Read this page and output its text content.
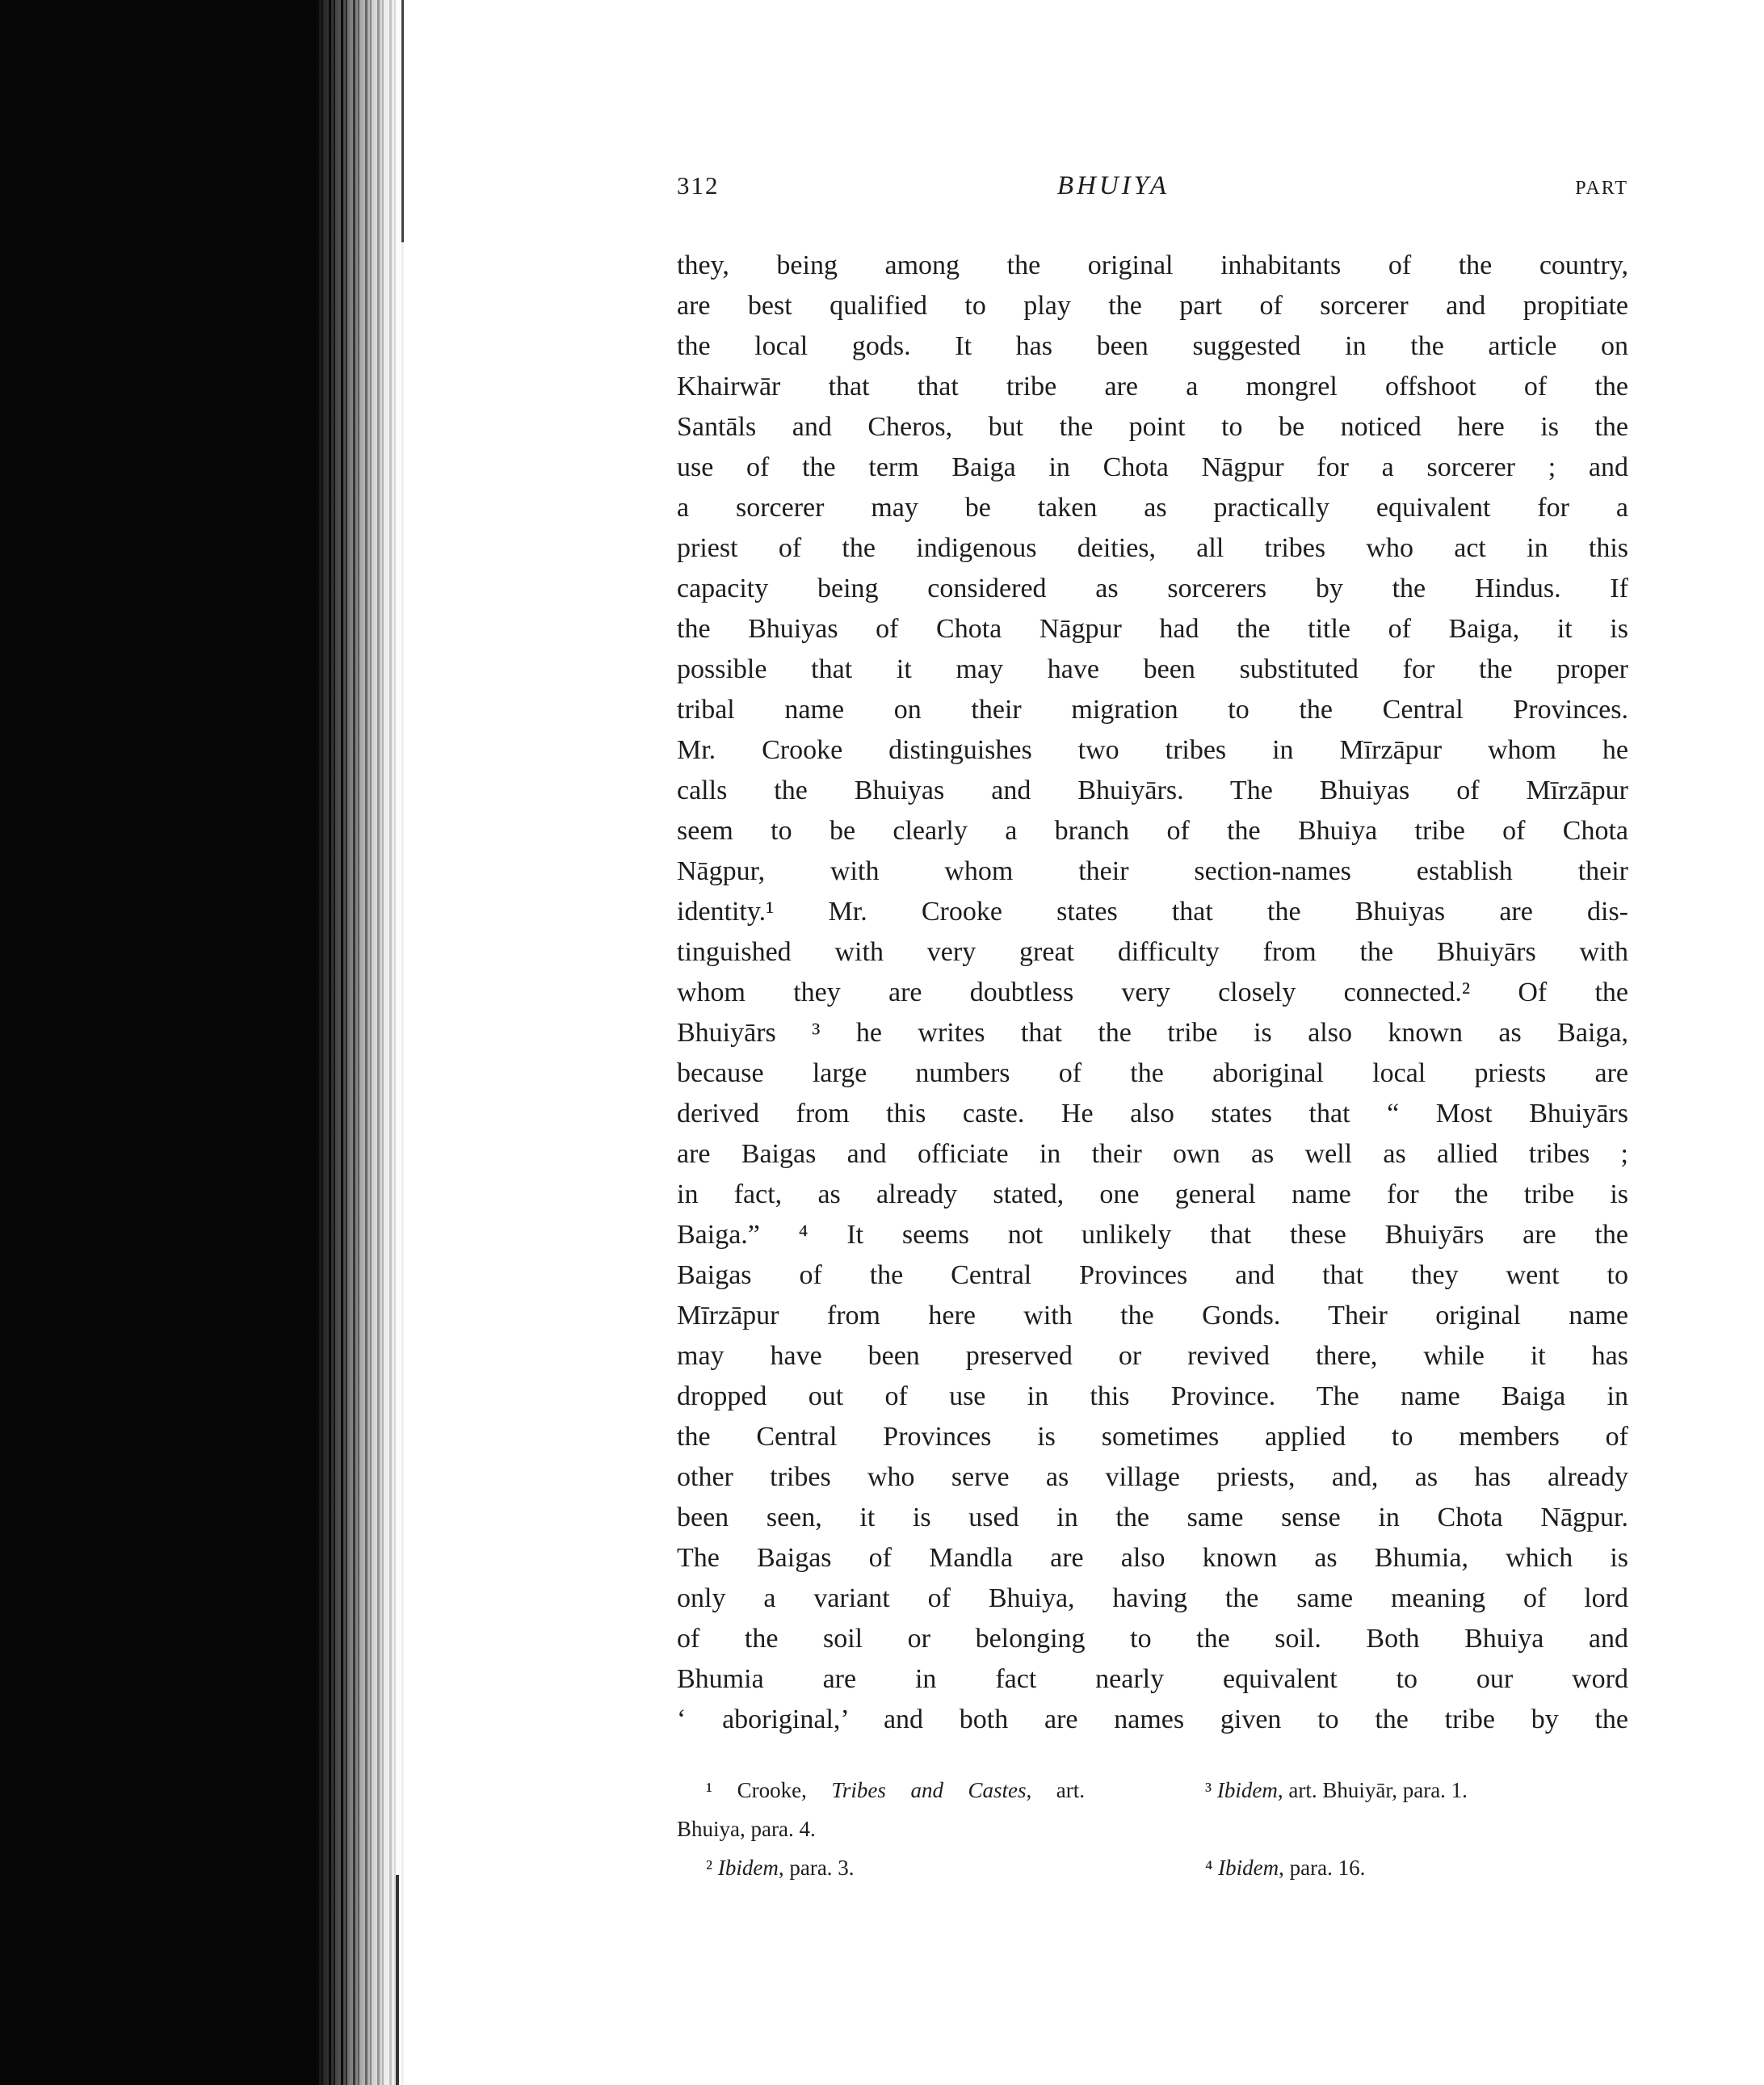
312	BHUIYA	PART
they, being among the original inhabitants of the country,
are best qualified to play the part of sorcerer and propitiate
the local gods. It has been suggested in the article on
Khairwār that that tribe are a mongrel offshoot of the
Santāls and Cheros, but the point to be noticed here is the
use of the term Baiga in Chota Nāgpur for a sorcerer ; and
a sorcerer may be taken as practically equivalent for a
priest of the indigenous deities, all tribes who act in this
capacity being considered as sorcerers by the Hindus. If
the Bhuiyas of Chota Nāgpur had the title of Baiga, it is
possible that it may have been substituted for the proper
tribal name on their migration to the Central Provinces.
Mr. Crooke distinguishes two tribes in Mīrzāpur whom he
calls the Bhuiyas and Bhuiyārs. The Bhuiyas of Mīrzāpur
seem to be clearly a branch of the Bhuiya tribe of Chota
Nāgpur, with whom their section-names establish their
identity.¹ Mr. Crooke states that the Bhuiyas are dis-
tinguished with very great difficulty from the Bhuiyārs with
whom they are doubtless very closely connected.² Of the
Bhuiyārs ³ he writes that the tribe is also known as Baiga,
because large numbers of the aboriginal local priests are
derived from this caste. He also states that “ Most Bhuiyārs
are Baigas and officiate in their own as well as allied tribes ;
in fact, as already stated, one general name for the tribe is
Baiga.” ⁴ It seems not unlikely that these Bhuiyārs are the
Baigas of the Central Provinces and that they went to
Mīrzāpur from here with the Gonds. Their original name
may have been preserved or revived there, while it has
dropped out of use in this Province. The name Baiga in
the Central Provinces is sometimes applied to members of
other tribes who serve as village priests, and, as has already
been seen, it is used in the same sense in Chota Nāgpur.
The Baigas of Mandla are also known as Bhumia, which is
only a variant of Bhuiya, having the same meaning of lord
of the soil or belonging to the soil. Both Bhuiya and
Bhumia are in fact nearly equivalent to our word
‘ aboriginal,’ and both are names given to the tribe by the
¹ Crooke, Tribes and Castes, art.
Bhuiya, para. 4.
² Ibidem, para. 3.
³ Ibidem, art. Bhuiyār, para. 1.
⁴ Ibidem, para. 16.
